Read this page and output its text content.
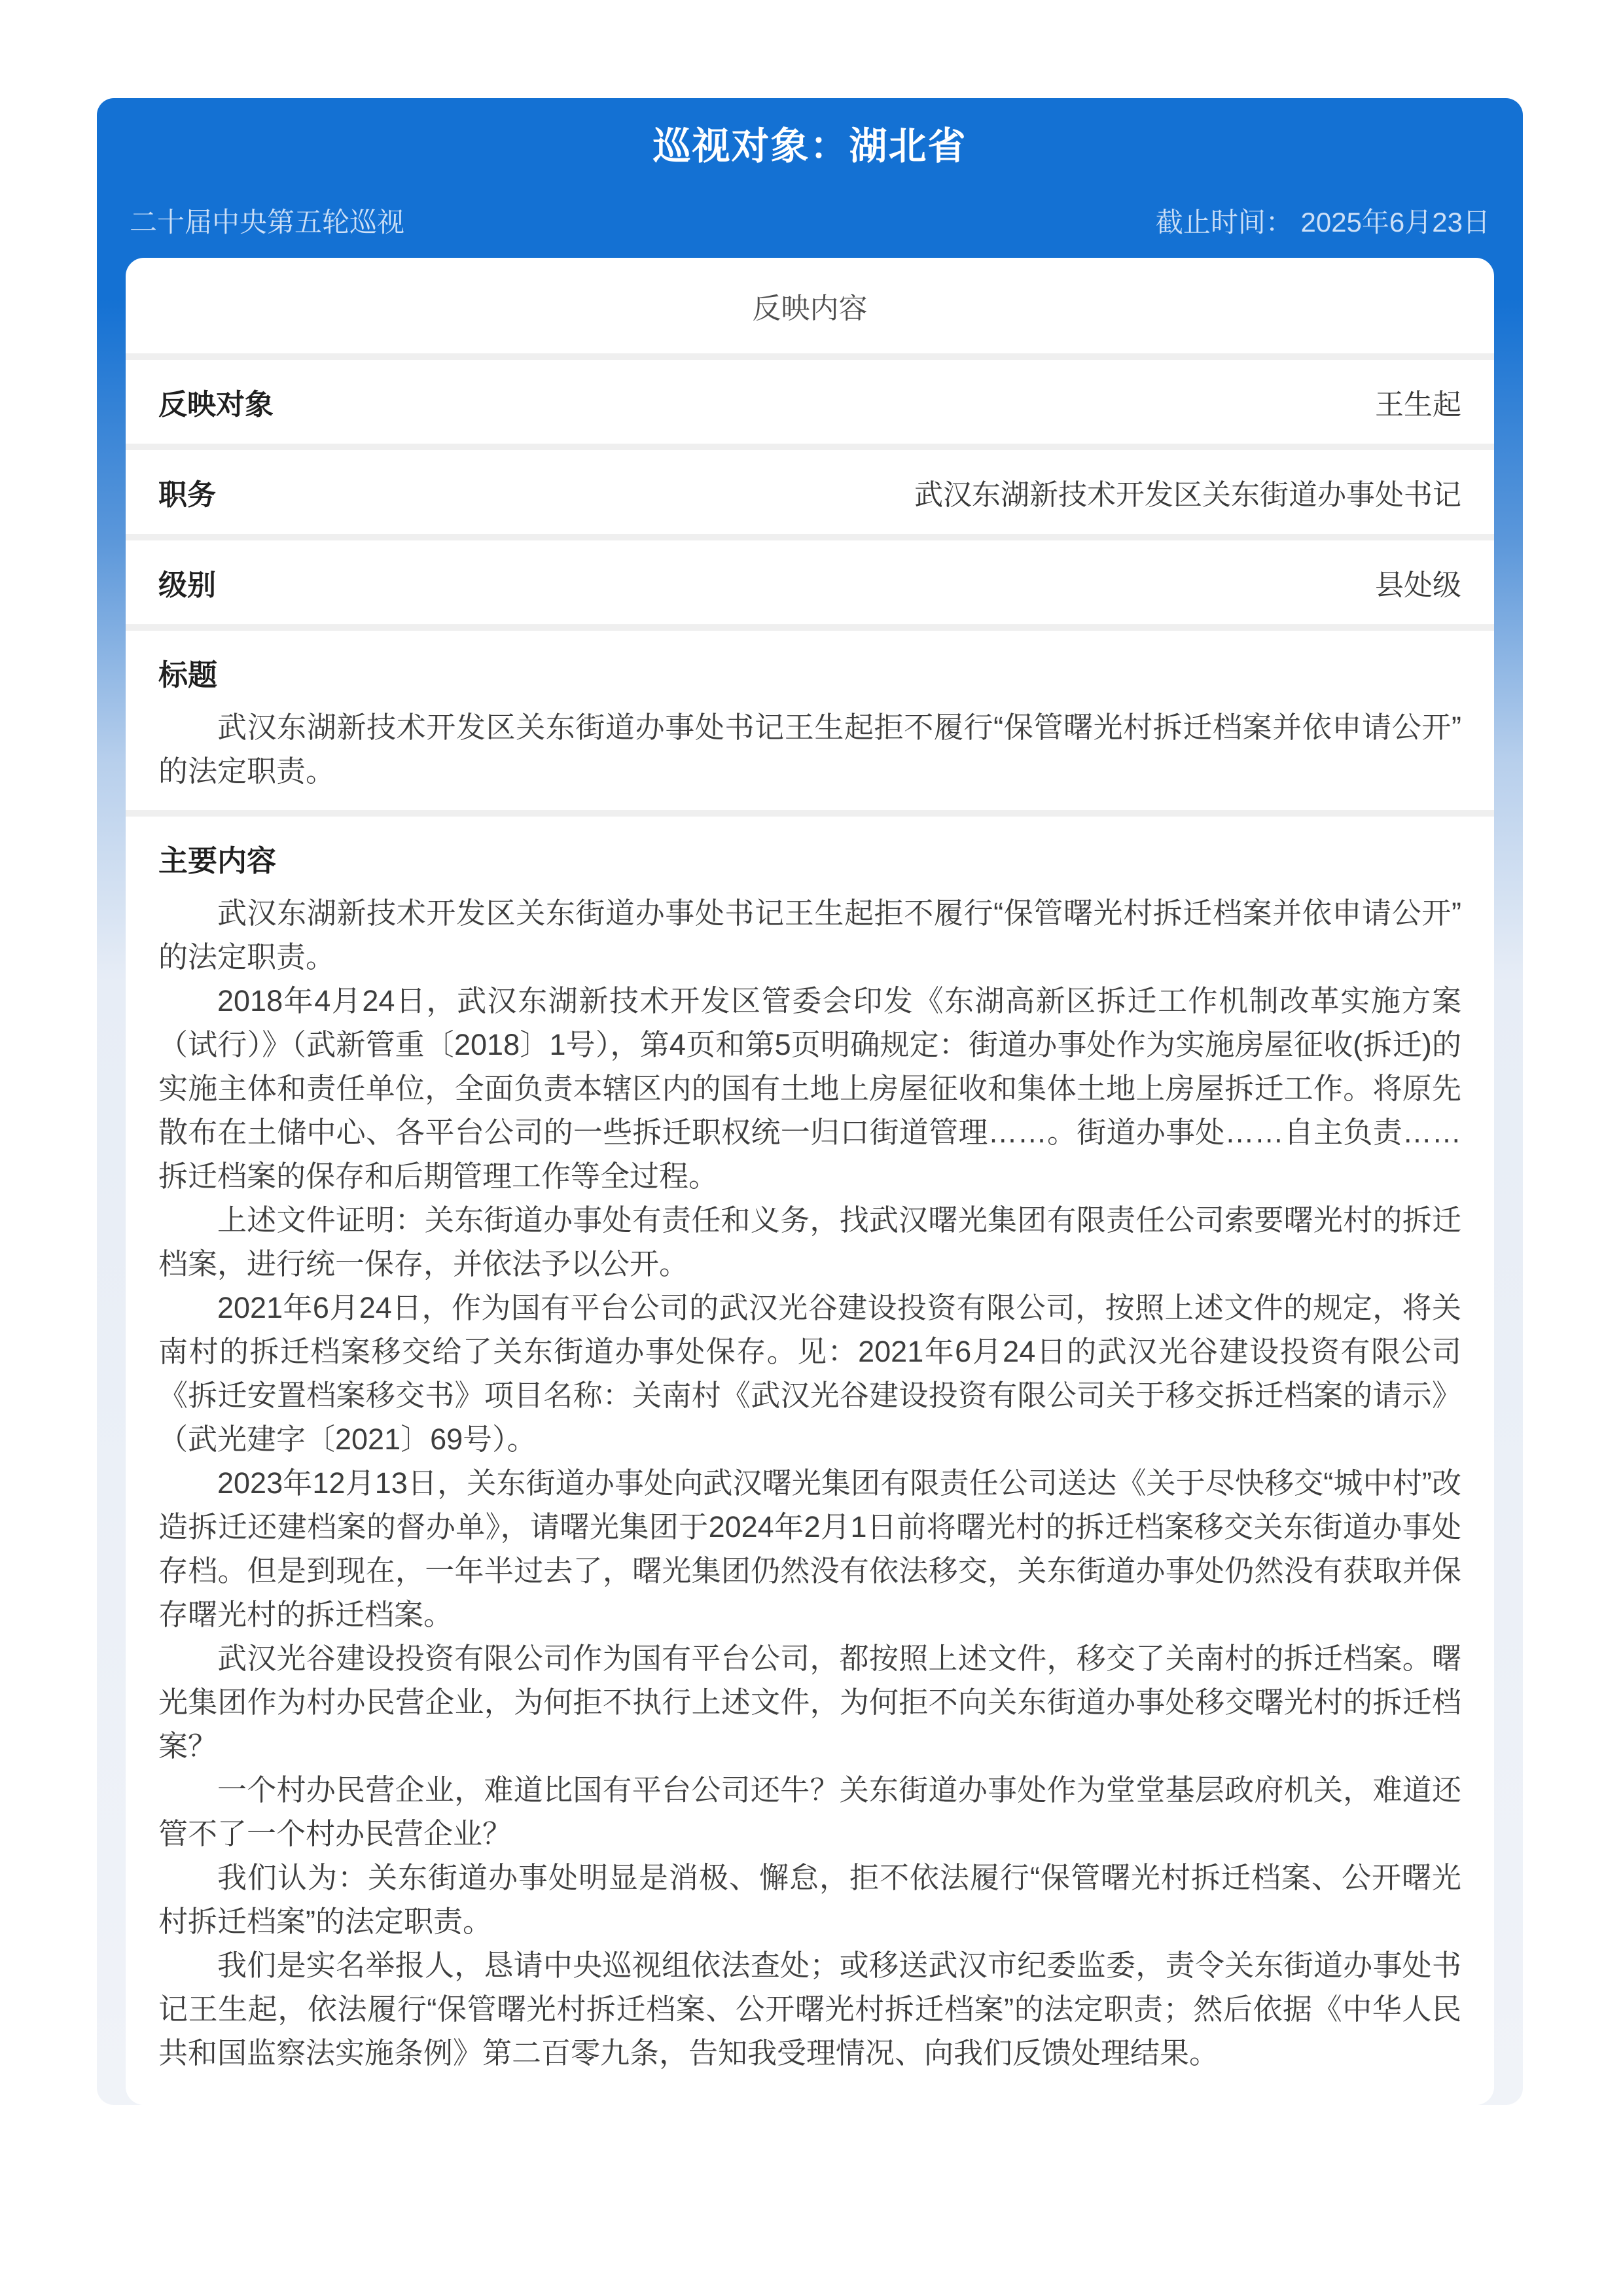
巡视对象：湖北省
二十届中央第五轮巡视	截止时间： 2025年6月23日
反映内容
反映对象	王生起
职务	武汉东湖新技术开发区关东街道办事处书记
级别	县处级
标题

武汉东湖新技术开发区关东街道办事处书记王生起拒不履行“保管曙光村拆迁档案并依申请公开”的法定职责。

主要内容

武汉东湖新技术开发区关东街道办事处书记王生起拒不履行“保管曙光村拆迁档案并依申请公开”的法定职责。

2018年4月24日，武汉东湖新技术开发区管委会印发《东湖高新区拆迁工作机制改革实施方案（试行）》（武新管重〔2018〕1号），第4页和第5页明确规定：街道办事处作为实施房屋征收(拆迁)的实施主体和责任单位，全面负责本辖区内的国有土地上房屋征收和集体土地上房屋拆迁工作。将原先散布在土储中心、各平台公司的一些拆迁职权统一归口街道管理……。街道办事处……自主负责……拆迁档案的保存和后期管理工作等全过程。

上述文件证明：关东街道办事处有责任和义务，找武汉曙光集团有限责任公司索要曙光村的拆迁档案，进行统一保存，并依法予以公开。

2021年6月24日，作为国有平台公司的武汉光谷建设投资有限公司，按照上述文件的规定，将关南村的拆迁档案移交给了关东街道办事处保存。见：2021年6月24日的武汉光谷建设投资有限公司《拆迁安置档案移交书》项目名称：关南村《武汉光谷建设投资有限公司关于移交拆迁档案的请示》（武光建字〔2021〕69号）。

2023年12月13日，关东街道办事处向武汉曙光集团有限责任公司送达《关于尽快移交“城中村”改造拆迁还建档案的督办单》，请曙光集团于2024年2月1日前将曙光村的拆迁档案移交关东街道办事处存档。但是到现在，一年半过去了，曙光集团仍然没有依法移交，关东街道办事处仍然没有获取并保存曙光村的拆迁档案。

武汉光谷建设投资有限公司作为国有平台公司，都按照上述文件，移交了关南村的拆迁档案。曙光集团作为村办民营企业，为何拒不执行上述文件，为何拒不向关东街道办事处移交曙光村的拆迁档案？

一个村办民营企业，难道比国有平台公司还牛？关东街道办事处作为堂堂基层政府机关，难道还管不了一个村办民营企业？

我们认为：关东街道办事处明显是消极、懈怠，拒不依法履行“保管曙光村拆迁档案、公开曙光村拆迁档案”的法定职责。

我们是实名举报人，恳请中央巡视组依法查处；或移送武汉市纪委监委，责令关东街道办事处书记王生起，依法履行“保管曙光村拆迁档案、公开曙光村拆迁档案”的法定职责；然后依据《中华人民共和国监察法实施条例》第二百零九条，告知我受理情况、向我们反馈处理结果。
